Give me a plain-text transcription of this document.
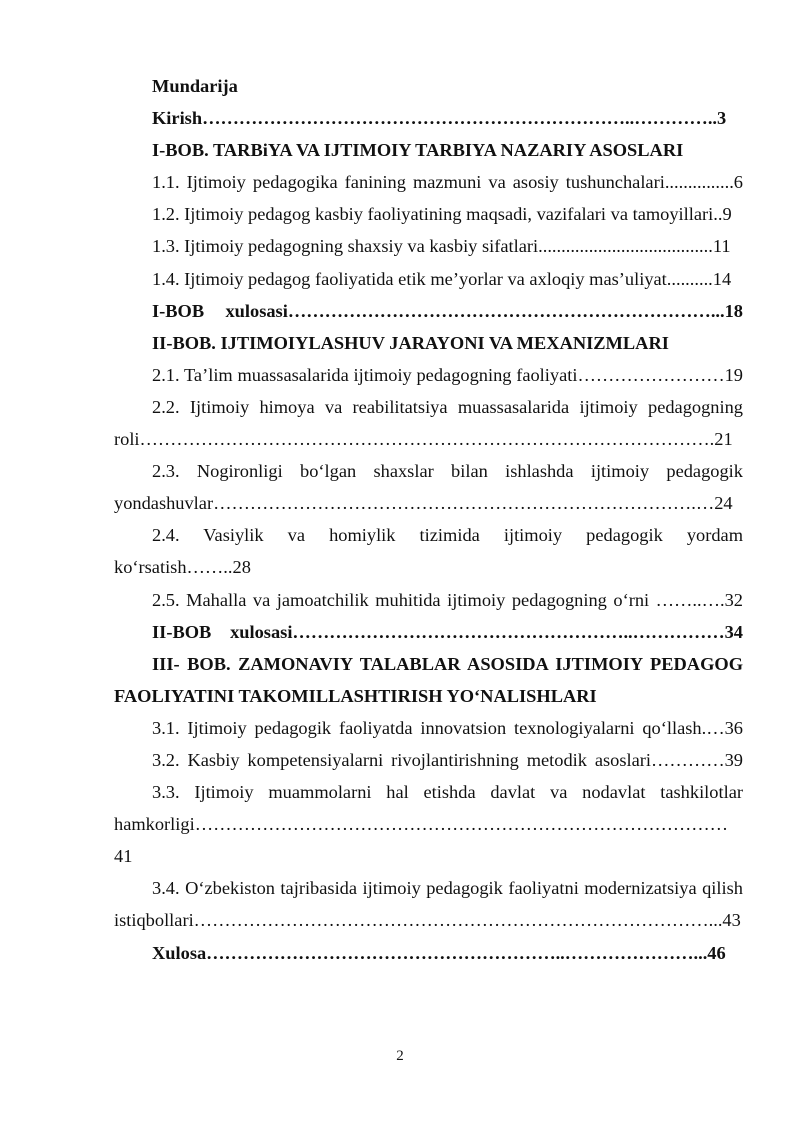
Mundarija

Kirish……………………………………………………………..…………..3

I-BOB. TARBiYA VA IJTIMOIY TARBIYA NAZARIY ASOSLARI

1.1. Ijtimoiy pedagogika fanining mazmuni va asosiy tushunchalari...............6

1.2. Ijtimoiy pedagog kasbiy faoliyatining maqsadi, vazifalari va tamoyillari..9

1.3. Ijtimoiy pedagogning shaxsiy va kasbiy sifatlari......................................11

1.4. Ijtimoiy pedagog faoliyatida etik me’yorlar va axloqiy mas’uliyat..........14

I-BOB xulosasi……………………………………………………………...18

II-BOB. IJTIMOIYLASHUV JARAYONI VA MEXANIZMLARI

2.1. Ta’lim muassasalarida ijtimoiy pedagogning faoliyati……………………19

2.2. Ijtimoiy himoya va reabilitatsiya muassasalarida ijtimoiy pedagogning roli………………………………………………………………………………….21

2.3. Nogironligi bo‘lgan shaxslar bilan ishlashda ijtimoiy pedagogik yondashuvlar…………………………………………………………………….…24

2.4. Vasiylik va homiylik tizimida ijtimoiy pedagogik yordam ko‘rsatish……..28

2.5. Mahalla va jamoatchilik muhitida ijtimoiy pedagogning o‘rni ……..….32

II-BOB xulosasi………………………………………………..……………34

III- BOB. ZAMONAVIY TALABLAR ASOSIDA IJTIMOIY PEDAGOG FAOLIYATINI TAKOMILLASHTIRISH YO‘NALISHLARI

3.1. Ijtimoiy pedagogik faoliyatda innovatsion texnologiyalarni qo‘llash.…36

3.2. Kasbiy kompetensiyalarni rivojlantirishning metodik asoslari…………39

3.3. Ijtimoiy muammolarni hal etishda davlat va nodavlat tashkilotlar hamkorligi……………………………………………………………………………41

3.4. O‘zbekiston tajribasida ijtimoiy pedagogik faoliyatni modernizatsiya qilish istiqbollari…………………………………………………………………………...43

Xulosa…………………………………………………..…………………...46

2
